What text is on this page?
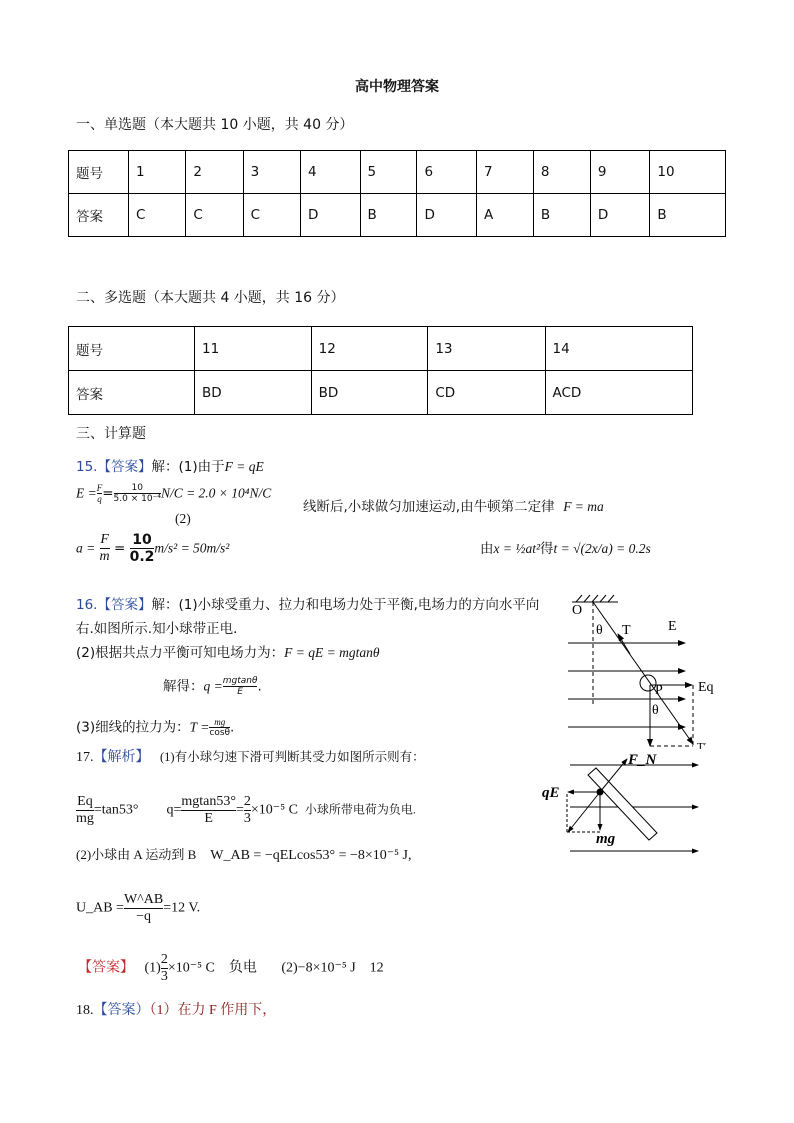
高中物理答案
一、单选题（本大题共 10 小题，共 40 分）
题号	1	2	3	4	5	6	7	8	9	10
答案	C	C	C	D	B	D	A	B	D	B
二、多选题（本大题共 4 小题，共 16 分）
题号	11	12	13	14
答案	BD	BD	CD	ACD
三、计算题
15.【答案】解：(1)由于F = qE
$E = \frac{F}{q} = \frac{10}{\text{5.0 × 10⁻⁴}} N/C = 2.0 \times 10^4N/C$
(2)
线断后,小球做匀加速运动,由牛顿第二定律 F = ma
$a = \frac{F}{m} = \frac{10}{0.2} m/s^2 = 50m/s^2$	由x = ½at²得t = √(2x/a) = 0.2s
16.【答案】解：(1)小球受重力、拉力和电场力处于平衡,电场力的方向水平向
右.如图所示.知小球带正电．
(2)根据共点力平衡可知电场力为：F = qE = mgtanθ
解得：$q = \frac{mgtan\theta}{E}$ .
(3)细线的拉力为：$T = \frac{mg}{\cos\theta}$ .
O
θ T	E
P	Eq
θ
T′
17.【解析】 (1)有小球匀速下滑可判断其受力如图所示则有：
$\frac{Eq}{mg} =\tan 53^\circ$ $q= \frac{mgtan53^\circ}{E} = \frac{2}{3} \times 10^{-5}$ C 小球所带电荷为负电.
(2)小球由 A 运动到 B W_AB = −qELcos53° = −8×10⁻⁵ J,
U_AB = $\frac{W\^{}AB}{-q} =12$ V.
【答案】 $(1) \frac{2}{3} \times 10^{-5}$ C　负电 (2)−8×10⁻⁵ J　12
F_N
qE
mg
18.【答案）（1）在力 F 作用下，
